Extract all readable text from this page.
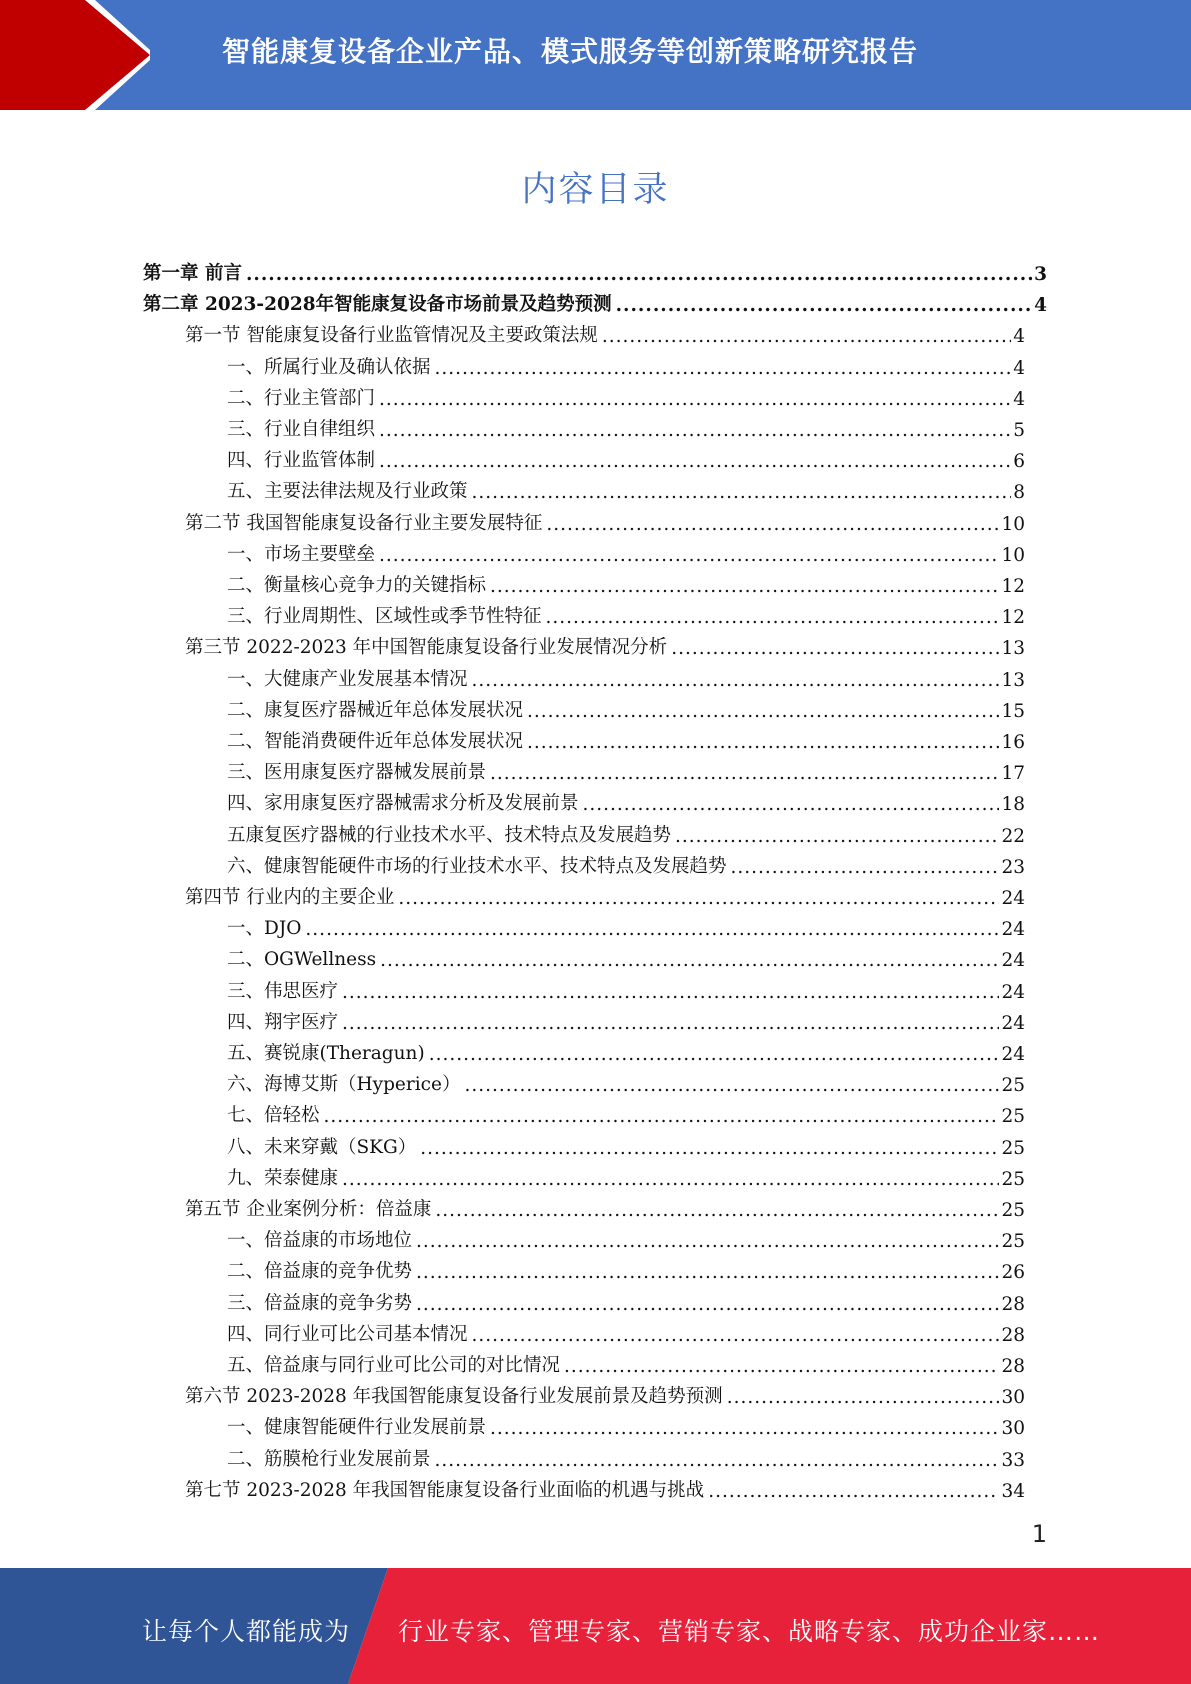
智能康复设备企业产品、模式服务等创新策略研究报告
内容目录
第一章 前言 .....	3
第二章 2023-2028年智能康复设备市场前景及趋势预测 .....	4
第一节 智能康复设备行业监管情况及主要政策法规 .....	4
一、所属行业及确认依据 .....	4
二、行业主管部门 .....	4
三、行业自律组织 .....	5
四、行业监管体制 .....	6
五、主要法律法规及行业政策 .....	8
第二节 我国智能康复设备行业主要发展特征 .....	10
一、市场主要壁垒 .....	10
二、衡量核心竞争力的关键指标 .....	12
三、行业周期性、区域性或季节性特征 .....	12
第三节 2022-2023 年中国智能康复设备行业发展情况分析 .....	13
一、大健康产业发展基本情况 .....	13
二、康复医疗器械近年总体发展状况 .....	15
二、智能消费硬件近年总体发展状况 .....	16
三、医用康复医疗器械发展前景 .....	17
四、家用康复医疗器械需求分析及发展前景 .....	18
五康复医疗器械的行业技术水平、技术特点及发展趋势 .....	22
六、健康智能硬件市场的行业技术水平、技术特点及发展趋势 .....	23
第四节 行业内的主要企业 .....	24
一、DJO .....	24
二、OGWellness .....	24
三、伟思医疗 .....	24
四、翔宇医疗 .....	24
五、赛锐康(Theragun) .....	24
六、海博艾斯（Hyperice） .....	25
七、倍轻松 .....	25
八、未来穿戴（SKG） .....	25
九、荣泰健康 .....	25
第五节 企业案例分析：倍益康 .....	25
一、倍益康的市场地位 .....	25
二、倍益康的竞争优势 .....	26
三、倍益康的竞争劣势 .....	28
四、同行业可比公司基本情况 .....	28
五、倍益康与同行业可比公司的对比情况 .....	28
第六节 2023-2028 年我国智能康复设备行业发展前景及趋势预测 .....	30
一、健康智能硬件行业发展前景 .....	30
二、筋膜枪行业发展前景 .....	33
第七节 2023-2028 年我国智能康复设备行业面临的机遇与挑战 .....	34
1
让每个人都能成为 行业专家、管理专家、营销专家、战略专家、成功企业家……
